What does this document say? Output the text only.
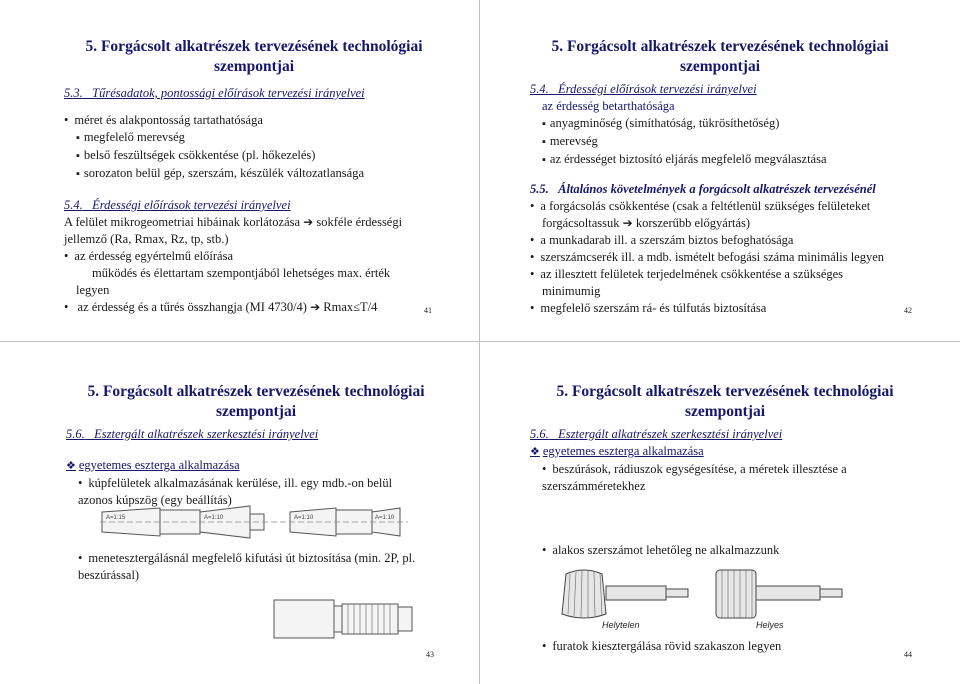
5. Forgácsolt alkatrészek tervezésének technológiai
szempontjai
5.3. Tűrésadatok, pontossági előírások tervezési irányelvei
• méret és alakpontosság tartathatósága
▪ megfelelő merevség
▪ belső feszültségek csökkentése (pl. hőkezelés)
▪ sorozaton belül gép, szerszám, készülék változatlansága
5.4. Érdességi előírások tervezési irányelvei
A felület mikrogeometriai hibáinak korlátozása ➔ sokféle érdességi
jellemző (Ra, Rmax, Rz, tp, stb.)
• az érdesség egyértelmű előírása
működés és élettartam szempontjából lehetséges max. érték
legyen
• az érdesség és a tűrés összhangja (MI 4730/4) ➔ Rmax≤T/4	41
5. Forgácsolt alkatrészek tervezésének technológiai
szempontjai
5.4. Érdességi előírások tervezési irányelvei
az érdesség betarthatósága
▪ anyagminőség (simíthatóság, tükrösíthetőség)
▪ merevség
▪ az érdességet biztosító eljárás megfelelő megválasztása
5.5. Általános követelmények a forgácsolt alkatrészek tervezésénél
• a forgácsolás csökkentése (csak a feltétlenül szükséges felületeket
forgácsoltassuk ➔ korszerűbb előgyártás)
• a munkadarab ill. a szerszám biztos befoghatósága
• szerszámcserék ill. a mdb. ismételt befogási száma minimális legyen
• az illesztett felületek terjedelmének csökkentése a szükséges
minimumig
• megfelelő szerszám rá- és túlfutás biztosítása	42
5. Forgácsolt alkatrészek tervezésének technológiai
szempontjai
5.6. Esztergált alkatrészek szerkesztési irányelvei
❖ egyetemes esztergа alkalmazása
• kúpfelületek alkalmazásának kerülése, ill. egy mdb.-on belül
azonos kúpszög (egy beállítás)
A=1:15	A=1:10	A=1:10	A=1:10
• menetesztergálásnál megfelelő kifutási út biztosítása (min. 2P, pl.
beszúrással)
43
5. Forgácsolt alkatrészek tervezésének technológiai
szempontjai
5.6. Esztergált alkatrészek szerkesztési irányelvei
❖ egyetemes esztergа alkalmazása
• beszúrások, rádiuszok egységesítése, a méretek illesztése a
szerszámméretekhez
• alakos szerszámot lehetőleg ne alkalmazzunk
Helytelen	Helyes
• furatok kiesztergálása rövid szakaszon legyen
44
